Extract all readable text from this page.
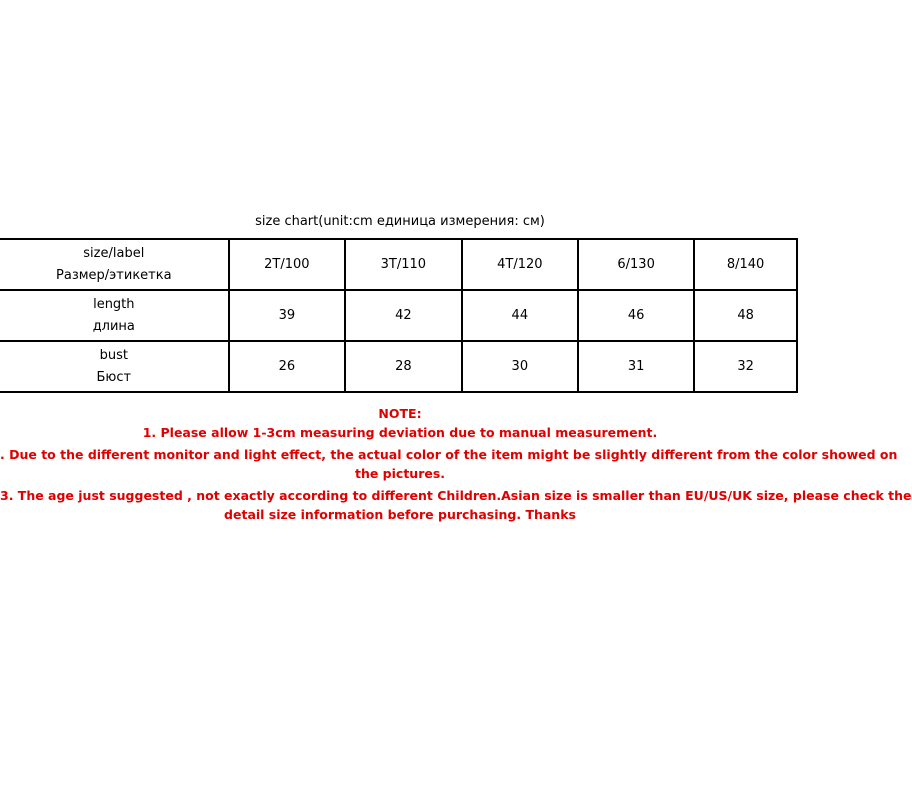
size chart(unit:cm единица измерения: см)
size/label
Размер/этикетка	2T/100	3T/110	4T/120	6/130	8/140

length
длина	39	42	44	46	48

bust
Бюст	26	28	30	31	32

NOTE:

1. Please allow 1-3cm measuring deviation due to manual measurement.

. Due to the different monitor and light effect, the actual color of the item might be slightly different from the color showed on

the pictures.

3. The age just suggested , not exactly according to different Children.Asian size is smaller than EU/US/UK size, please check the

detail size information before purchasing. Thanks
